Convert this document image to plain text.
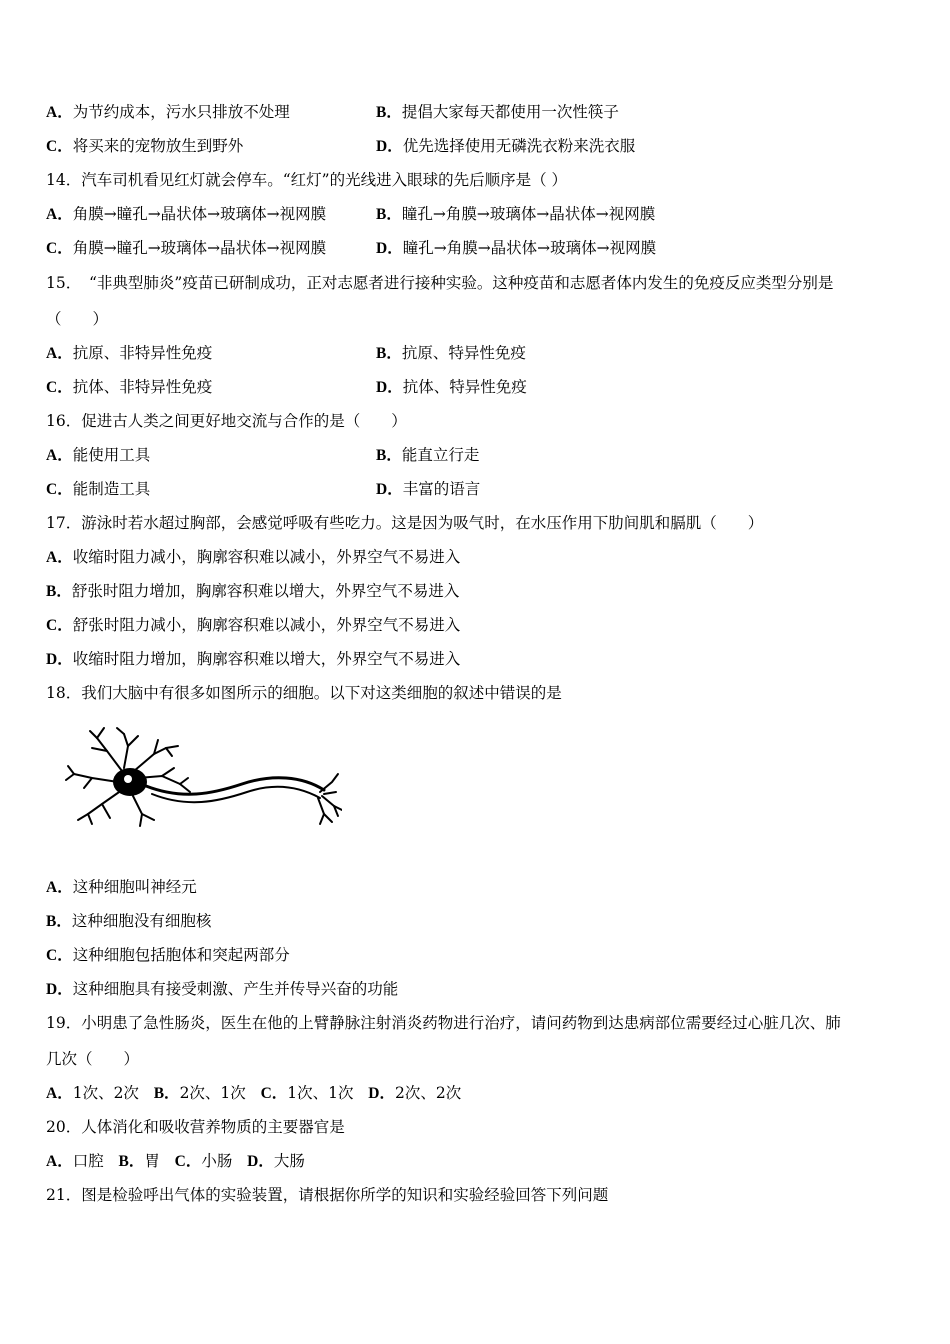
A．为节约成本，污水只排放不处理	B．提倡大家每天都使用一次性筷子
C．将买来的宠物放生到野外	D．优先选择使用无磷洗衣粉来洗衣服
14．汽车司机看见红灯就会停车。“红灯”的光线进入眼球的先后顺序是（ ）
A．角膜→瞳孔→晶状体→玻璃体→视网膜	B．瞳孔→角膜→玻璃体→晶状体→视网膜
C．角膜→瞳孔→玻璃体→晶状体→视网膜	D．瞳孔→角膜→晶状体→玻璃体→视网膜
15．　“非典型肺炎”疫苗已研制成功，正对志愿者进行接种实验。这种疫苗和志愿者体内发生的免疫反应类型分别是
（　　）
A．抗原、非特异性免疫	B．抗原、特异性免疫
C．抗体、非特异性免疫	D．抗体、特异性免疫
16．促进古人类之间更好地交流与合作的是（　　）
A．能使用工具	B．能直立行走
C．能制造工具	D．丰富的语言
17．游泳时若水超过胸部，会感觉呼吸有些吃力。这是因为吸气时，在水压作用下肋间肌和膈肌（　　）
A．收缩时阻力减小，胸廓容积难以减小，外界空气不易进入
B．舒张时阻力增加，胸廓容积难以增大，外界空气不易进入
C．舒张时阻力减小，胸廓容积难以减小，外界空气不易进入
D．收缩时阻力增加，胸廓容积难以增大，外界空气不易进入
18．我们大脑中有很多如图所示的细胞。以下对这类细胞的叙述中错误的是
A．这种细胞叫神经元
B．这种细胞没有细胞核
C．这种细胞包括胞体和突起两部分
D．这种细胞具有接受刺激、产生并传导兴奋的功能
19．小明患了急性肠炎，医生在他的上臂静脉注射消炎药物进行治疗，请问药物到达患病部位需要经过心脏几次、肺
几次（　　）
A．1次、2次 B．2次、1次 C．1次、1次 D．2次、2次
20．人体消化和吸收营养物质的主要器官是
A．口腔 B．胃 C．小肠 D．大肠
21．图是检验呼出气体的实验装置，请根据你所学的知识和实验经验回答下列问题
